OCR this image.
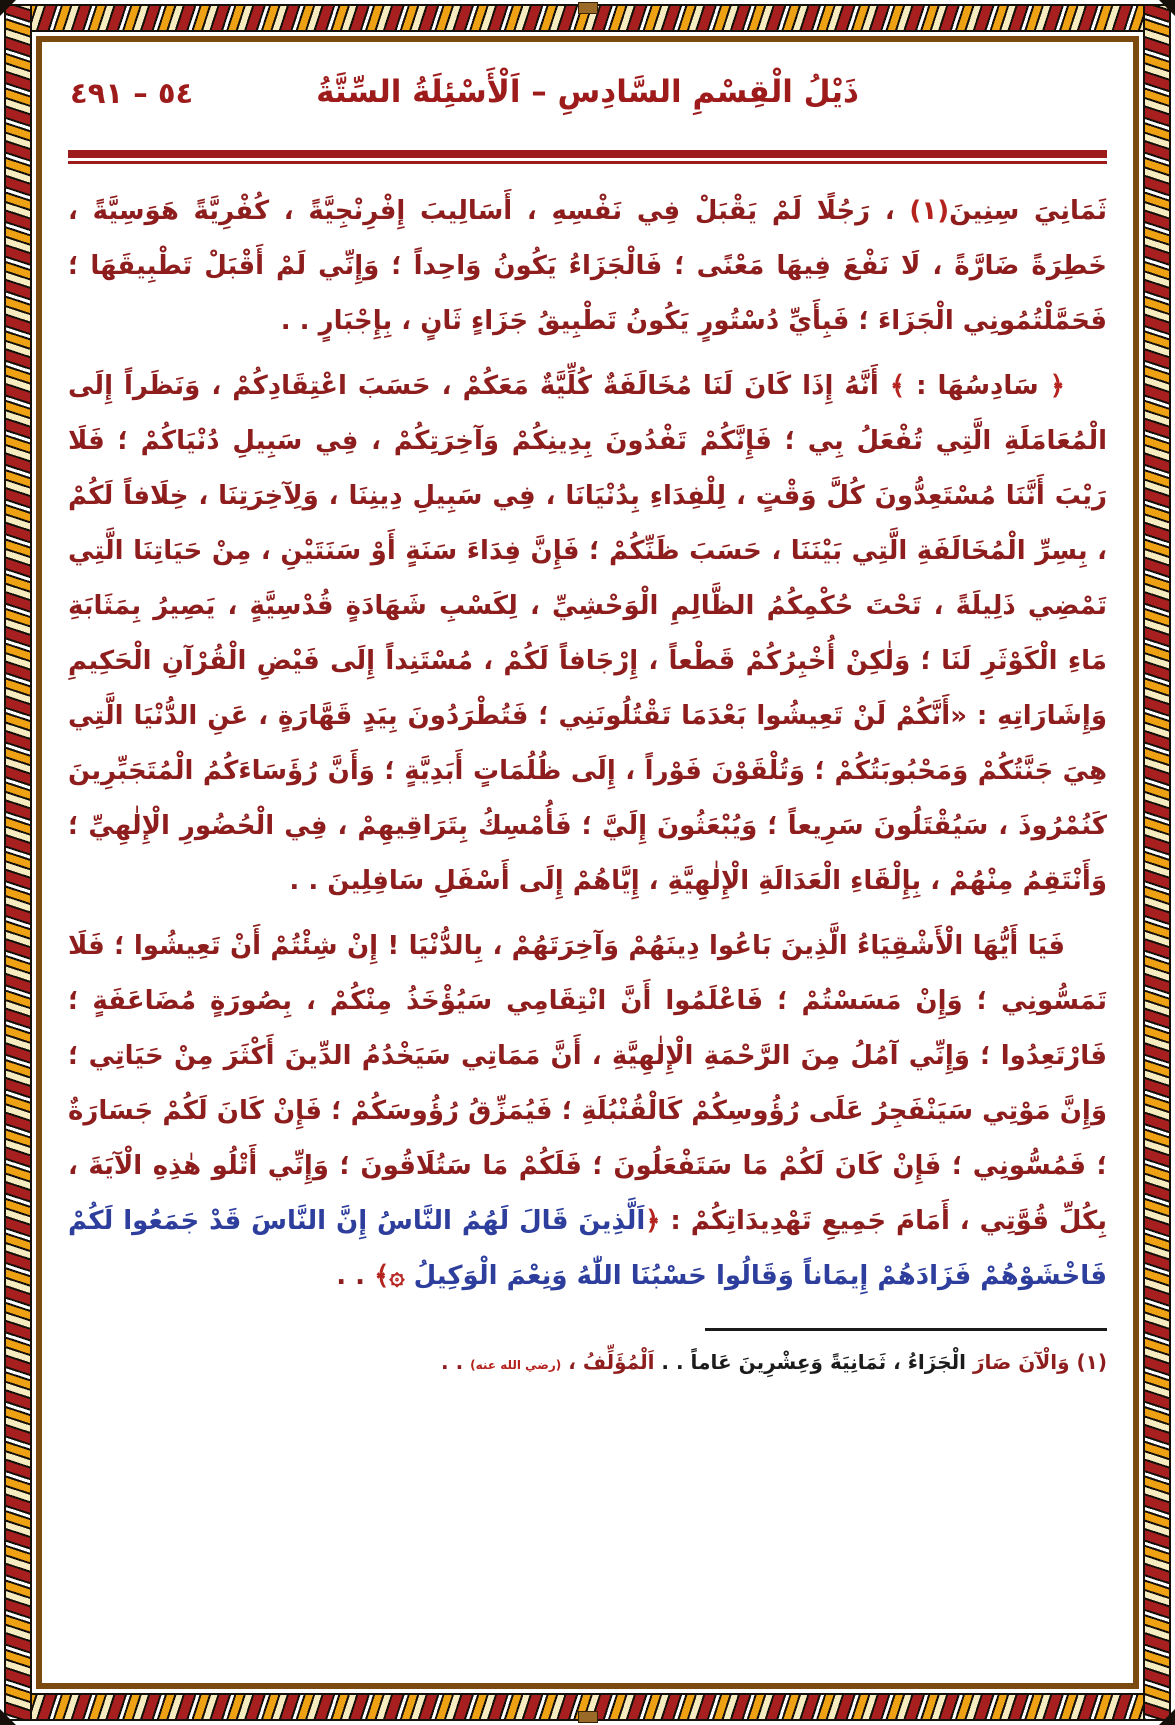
٥٤ – ٤٩١	ذَيْلُ الْقِسْمِ السَّادِسِ – اَلْأَسْئِلَةُ السِّتَّةُ

ثَمَانِيَ سِنِينَ(١) ، رَجُلًا لَمْ يَقْبَلْ فِي نَفْسِهِ ، أَسَالِيبَ إِفْرِنْجِيَّةً ، كُفْرِيَّةً هَوَسِيَّةً ، خَطِرَةً ضَارَّةً ، لَا نَفْعَ فِيهَا مَعْنًى ؛ فَالْجَزَاءُ يَكُونُ وَاحِداً ؛ وَإِنِّي لَمْ أَقْبَلْ تَطْبِيقَهَا ؛ فَحَمَّلْتُمُونِي الْجَزَاءَ ؛ فَبِأَيِّ دُسْتُورٍ يَكُونُ تَطْبِيقُ جَزَاءٍ ثَانٍ ، بِإِجْبَارٍ . .

﴿ سَادِسُهَا : ﴾ أَنَّهُ إِذَا كَانَ لَنَا مُخَالَفَةٌ كُلِّيَّةٌ مَعَكُمْ ، حَسَبَ اعْتِقَادِكُمْ ، وَنَظَراً إِلَى الْمُعَامَلَةِ الَّتِي تُفْعَلُ بِي ؛ فَإِنَّكُمْ تَفْدُونَ بِدِينِكُمْ وَآخِرَتِكُمْ ، فِي سَبِيلِ دُنْيَاكُمْ ؛ فَلَا رَيْبَ أَنَّنَا مُسْتَعِدُّونَ كُلَّ وَقْتٍ ، لِلْفِدَاءِ بِدُنْيَانَا ، فِي سَبِيلِ دِينِنَا ، وَلِآخِرَتِنَا ، خِلَافاً لَكُمْ ، بِسِرِّ الْمُخَالَفَةِ الَّتِي بَيْنَنَا ، حَسَبَ ظَنِّكُمْ ؛ فَإِنَّ فِدَاءَ سَنَةٍ أَوْ سَنَتَيْنِ ، مِنْ حَيَاتِنَا الَّتِي تَمْضِي ذَلِيلَةً ، تَحْتَ حُكْمِكُمُ الظَّالِمِ الْوَحْشِيِّ ، لِكَسْبِ شَهَادَةٍ قُدْسِيَّةٍ ، يَصِيرُ بِمَثَابَةِ مَاءِ الْكَوْثَرِ لَنَا ؛ وَلٰكِنْ أُخْبِرُكُمْ قَطْعاً ، إِرْجَافاً لَكُمْ ، مُسْتَنِداً إِلَى فَيْضِ الْقُرْآنِ الْحَكِيمِ وَإِشَارَاتِهِ : «أَنَّكُمْ لَنْ تَعِيشُوا بَعْدَمَا تَقْتُلُونَنِي ؛ فَتُطْرَدُونَ بِيَدٍ قَهَّارَةٍ ، عَنِ الدُّنْيَا الَّتِي هِيَ جَنَّتُكُمْ وَمَحْبُوبَتُكُمْ ؛ وَتُلْقَوْنَ فَوْراً ، إِلَى ظُلُمَاتٍ أَبَدِيَّةٍ ؛ وَأَنَّ رُؤَسَاءَكُمُ الْمُتَجَبِّرِينَ كَنُمْرُوذَ ، سَيُقْتَلُونَ سَرِيعاً ؛ وَيُبْعَثُونَ إِلَيَّ ؛ فَأُمْسِكُ بِتَرَاقِيهِمْ ، فِي الْحُضُورِ الْإِلٰهِيِّ ؛ وَأَنْتَقِمُ مِنْهُمْ ، بِإِلْقَاءِ الْعَدَالَةِ الْإِلٰهِيَّةِ ، إِيَّاهُمْ إِلَى أَسْفَلِ سَافِلِينَ . .

فَيَا أَيُّهَا الْأَشْقِيَاءُ الَّذِينَ بَاعُوا دِينَهُمْ وَآخِرَتَهُمْ ، بِالدُّنْيَا ! إِنْ شِئْتُمْ أَنْ تَعِيشُوا ؛ فَلَا تَمَسُّونِي ؛ وَإِنْ مَسَسْتُمْ ؛ فَاعْلَمُوا أَنَّ انْتِقَامِي سَيُؤْخَذُ مِنْكُمْ ، بِصُورَةٍ مُضَاعَفَةٍ ؛ فَارْتَعِدُوا ؛ وَإِنِّي آمُلُ مِنَ الرَّحْمَةِ الْإِلٰهِيَّةِ ، أَنَّ مَمَاتِي سَيَخْدُمُ الدِّينَ أَكْثَرَ مِنْ حَيَاتِي ؛ وَإِنَّ مَوْتِي سَيَنْفَجِرُ عَلَى رُؤُوسِكُمْ كَالْقُنْبُلَةِ ؛ فَيُمَزِّقُ رُؤُوسَكُمْ ؛ فَإِنْ كَانَ لَكُمْ جَسَارَةٌ ؛ فَمُسُّونِي ؛ فَإِنْ كَانَ لَكُمْ مَا سَتَفْعَلُونَ ؛ فَلَكُمْ مَا سَتُلَاقُونَ ؛ وَإِنِّي أَتْلُو هٰذِهِ الْآيَةَ ، بِكُلِّ قُوَّتِي ، أَمَامَ جَمِيعِ تَهْدِيدَاتِكُمْ : ﴿اَلَّذِينَ قَالَ لَهُمُ النَّاسُ إِنَّ النَّاسَ قَدْ جَمَعُوا لَكُمْ فَاخْشَوْهُمْ فَزَادَهُمْ إِيمَاناً وَقَالُوا حَسْبُنَا اللّٰهُ وَنِعْمَ الْوَكِيلُ ۞﴾ . .

(١) وَالْآنَ صَارَ الْجَزَاءُ ، ثَمَانِيَةً وَعِشْرِينَ عَاماً . . اَلْمُؤَلِّفُ ، (رضي الله عنه) . .
